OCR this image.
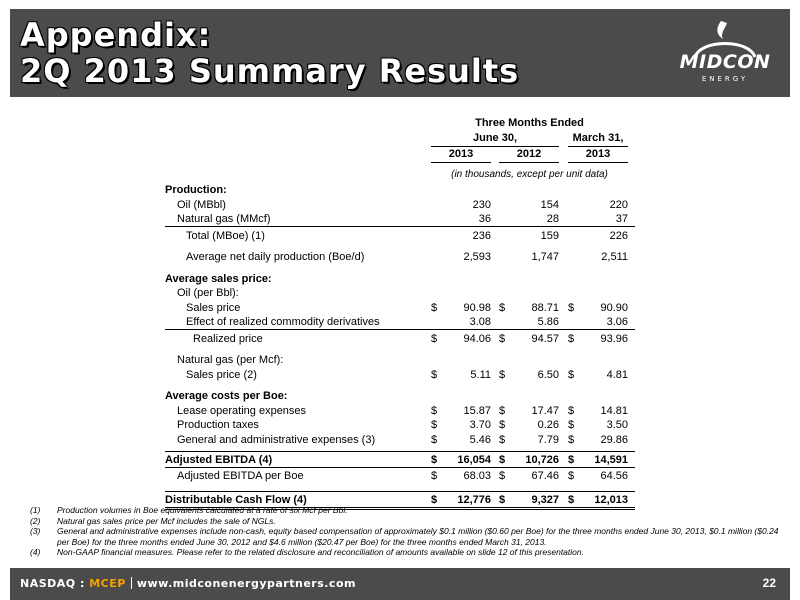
Appendix:
2Q 2013 Summary Results	MIDCON
ENERGY
Three Months Ended
June 30,	March 31,
2013	2012	2013
(in thousands, except per unit data)
Production:
Oil (MBbl)	230	154	220
Natural gas (MMcf)	36	28	37
Total (MBoe) (1)	236	159	226
Average net daily production (Boe/d)	2,593	1,747	2,511
Average sales price:
Oil (per Bbl):
Sales price	$	90.98 $	88.71 $	90.90
Effect of realized commodity derivatives	3.08	5.86	3.06
Realized price	$	94.06 $	94.57 $	93.96
Natural gas (per Mcf):
Sales price (2)	$	5.11 $	6.50 $	4.81
Average costs per Boe:
Lease operating expenses	$	15.87 $	17.47 $	14.81
Production taxes	$	3.70 $	0.26 $	3.50
General and administrative expenses (3)	$	5.46 $	7.79 $	29.86
Adjusted EBITDA (4)	$	16,054 $	10,726 $	14,591
Adjusted EBITDA per Boe	$	68.03 $	67.46 $	64.56
Distributable Cash Flow (4)	$	12,776 $	9,327 $	12,013
(1) Production volumes in Boe equivalents calculated at a rate of six Mcf per Bbl.
(2) Natural gas sales price per Mcf includes the sale of NGLs.
(3) General and administrative expenses include non-cash, equity based compensation of approximately $0.1 million ($0.60 per Boe) for the three months ended June 30, 2013, $0.1 million ($0.24 per Boe) for the three months ended June 30, 2012 and $4.6 million ($20.47 per Boe) for the three months ended March 31, 2013.
(4) Non-GAAP financial measures. Please refer to the related disclosure and reconciliation of amounts available on slide 12 of this presentation.
NASDAQ : MCEP www.midconenergypartners.com	22
